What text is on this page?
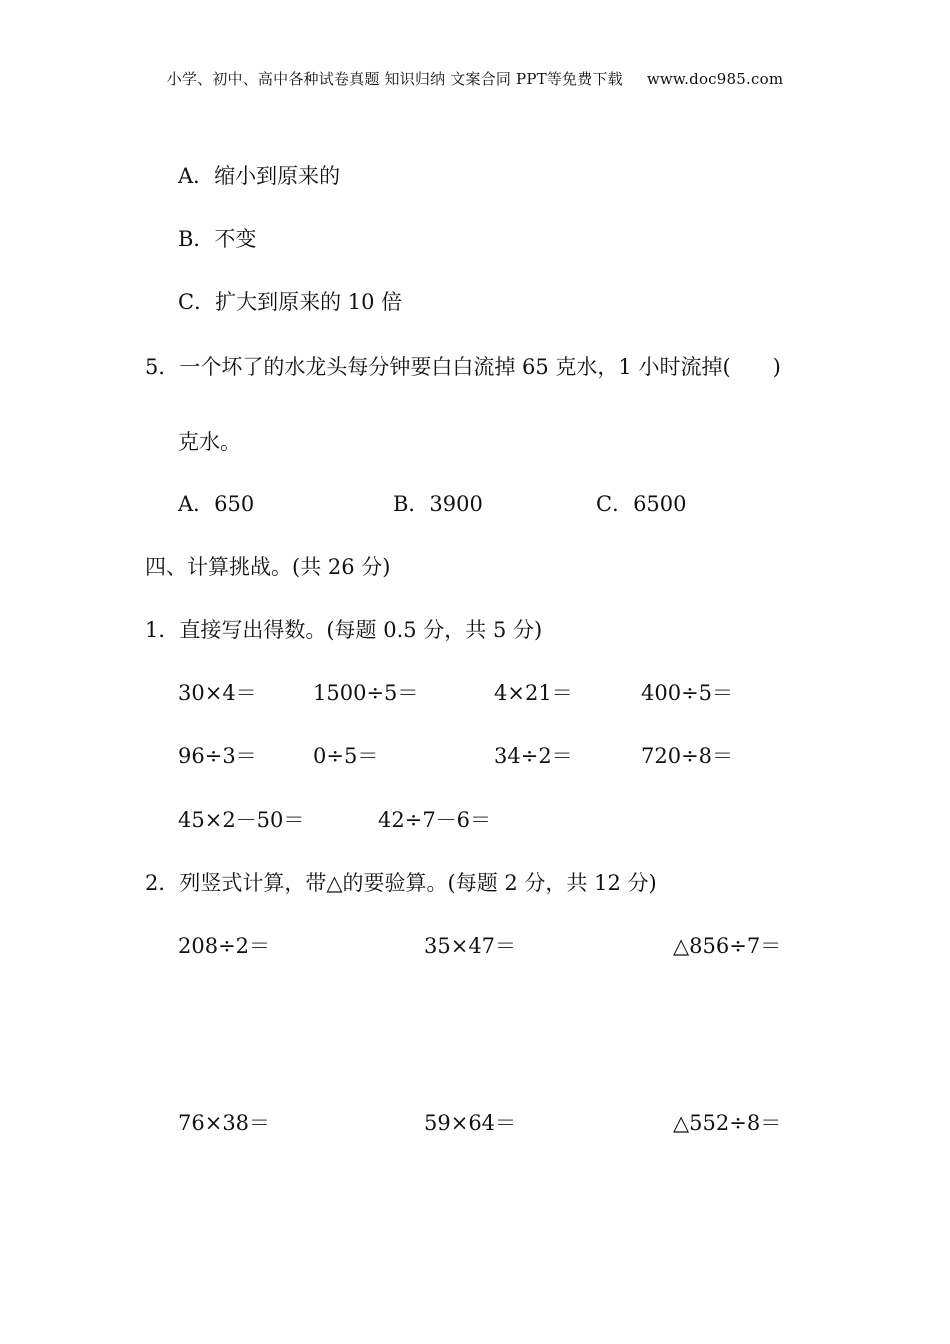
小学、初中、高中各种试卷真题 知识归纳 文案合同 PPT等免费下载 www.doc985.com
A．缩小到原来的
B．不变
C．扩大到原来的 10 倍
5．一个坏了的水龙头每分钟要白白流掉 65 克水，1 小时流掉(　　)
克水。
A．650	B．3900	C．6500
四、计算挑战。(共 26 分)
1．直接写出得数。(每题 0.5 分，共 5 分)
30×4＝	1500÷5＝	4×21＝	400÷5＝
96÷3＝	0÷5＝	34÷2＝	720÷8＝
45×2－50＝	42÷7－6＝
2．列竖式计算，带△的要验算。(每题 2 分，共 12 分)
208÷2＝	35×47＝	△856÷7＝
76×38＝	59×64＝	△552÷8＝
